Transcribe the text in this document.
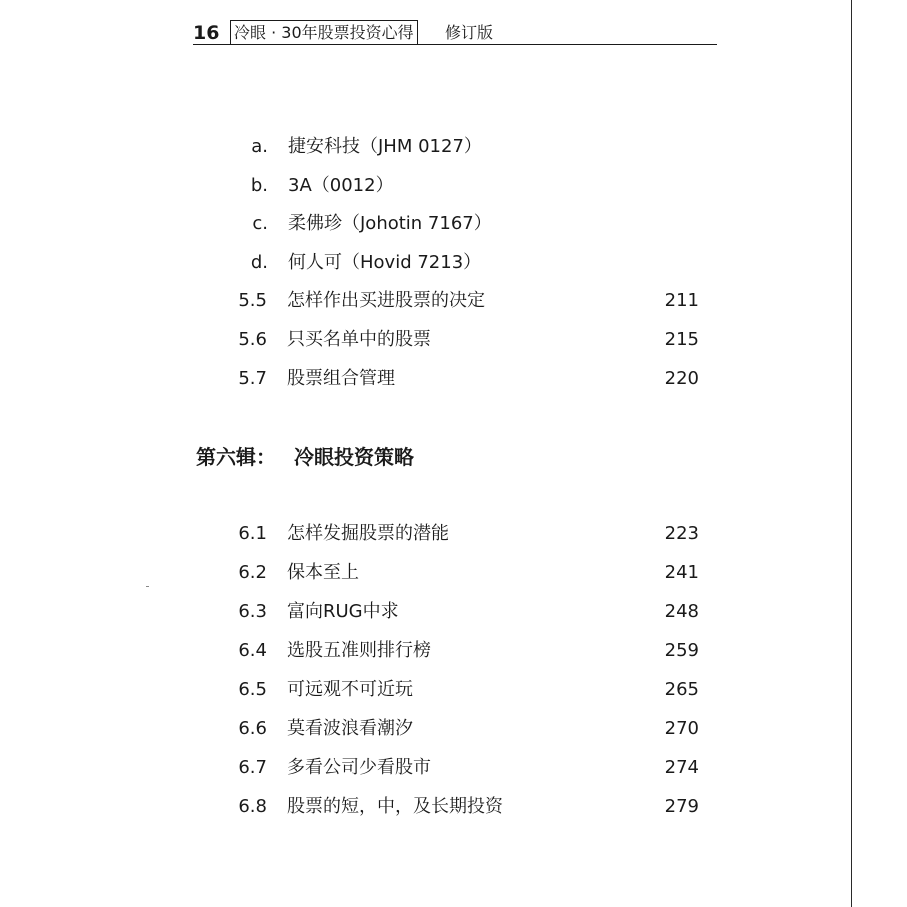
16 冷眼 · 30年股票投资心得 修订版
a. 捷安科技（JHM 0127）
b. 3A（0012）
c. 柔佛珍（Johotin 7167）
d. 何人可（Hovid 7213）
5.5 怎样作出买进股票的决定	211
5.6 只买名单中的股票	215
5.7 股票组合管理	220
第六辑： 冷眼投资策略
6.1 怎样发掘股票的潜能	223
6.2 保本至上	241
6.3 富向RUG中求	248
6.4 选股五准则排行榜	259
6.5 可远观不可近玩	265
6.6 莫看波浪看潮汐	270
6.7 多看公司少看股市	274
6.8 股票的短，中，及长期投资	279
